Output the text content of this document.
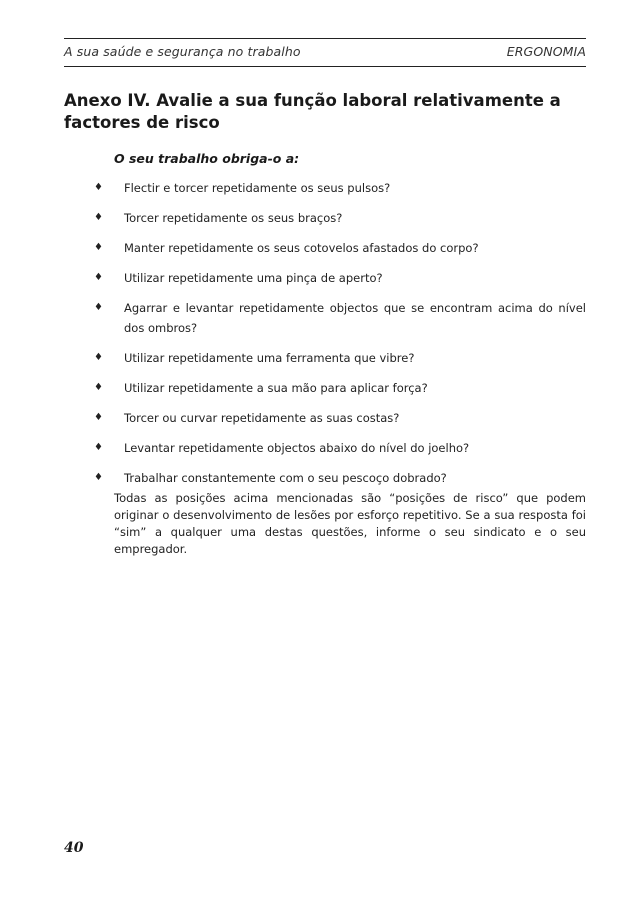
A sua saúde e segurança no trabalho	ERGONOMIA
Anexo IV. Avalie a sua função laboral relativamente a factores de risco
O seu trabalho obriga-o a:
♦ Flectir e torcer repetidamente os seus pulsos?
♦ Torcer repetidamente os seus braços?
♦ Manter repetidamente os seus cotovelos afastados do corpo?
♦ Utilizar repetidamente uma pinça de aperto?
♦ Agarrar e levantar repetidamente objectos que se encontram acima do nível dos ombros?
♦ Utilizar repetidamente uma ferramenta que vibre?
♦ Utilizar repetidamente a sua mão para aplicar força?
♦ Torcer ou curvar repetidamente as suas costas?
♦ Levantar repetidamente objectos abaixo do nível do joelho?
♦ Trabalhar constantemente com o seu pescoço dobrado?
Todas as posições acima mencionadas são “posições de risco” que podem originar o desenvolvimento de lesões por esforço repetitivo. Se a sua resposta foi “sim” a qualquer uma destas questões, informe o seu sindicato e o seu empregador.
40
